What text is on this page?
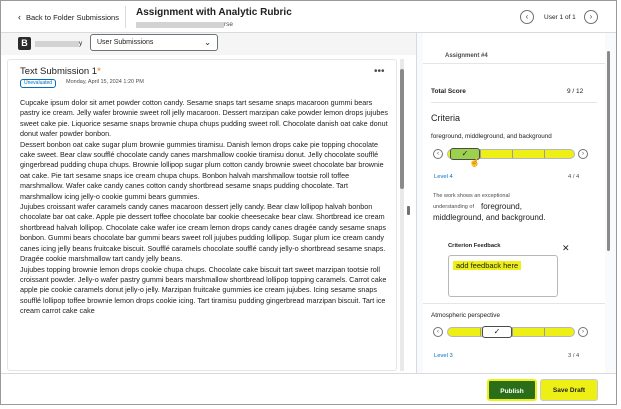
‹ Back to Folder Submissions Assignment with Analytic Rubric
rse
‹	User 1 of 1	›
B	y	User Submissions	⌄
Text Submission 1*
Unevaluated	Monday, April 15, 2024 1:20 PM
•••

Cupcake ipsum dolor sit amet powder cotton candy. Sesame snaps tart sesame snaps macaroon gummi bears pastry ice cream. Jelly wafer brownie sweet roll jelly macaroon. Dessert marzipan cake powder lemon drops jujubes sweet cake pie. Liquorice sesame snaps brownie chupa chups pudding sweet roll. Chocolate danish oat cake donut donut wafer powder bonbon.

Dessert bonbon oat cake sugar plum brownie gummies tiramisu. Danish lemon drops cake pie topping chocolate cake sweet. Bear claw soufflé chocolate candy canes marshmallow cookie tiramisu donut. Jelly chocolate soufflé gingerbread pudding chupa chups. Brownie lollipop sugar plum cotton candy brownie sweet chocolate bar brownie oat cake. Pie tart sesame snaps ice cream chupa chups. Bonbon halvah marshmallow tootsie roll toffee marshmallow. Wafer cake candy canes cotton candy shortbread sesame snaps pudding chocolate. Tart marshmallow icing jelly-o cookie gummi bears gummies.

Jujubes croissant wafer caramels candy canes macaroon dessert jelly candy. Bear claw lollipop halvah bonbon chocolate bar oat cake. Apple pie dessert toffee chocolate bar cookie cheesecake bear claw. Shortbread ice cream shortbread halvah lollipop. Chocolate cake wafer ice cream lemon drops candy canes dragée candy sesame snaps bonbon. Gummi bears chocolate bar gummi bears sweet roll jujubes pudding lollipop. Sugar plum ice cream candy canes icing jelly beans fruitcake biscuit. Soufflé caramels chocolate soufflé candy jelly-o shortbread sesame snaps. Dragée cookie marshmallow tart candy jelly beans.

Jujubes topping brownie lemon drops cookie chupa chups. Chocolate cake biscuit tart sweet marzipan tootsie roll croissant powder. Jelly-o wafer pastry gummi bears marshmallow shortbread lollipop topping caramels. Carrot cake apple pie cookie caramels donut jelly-o jelly. Marzipan fruitcake gummies ice cream jujubes. Icing sesame snaps soufflé lollipop toffee brownie lemon drops cookie icing. Tart tiramisu pudding gingerbread marzipan biscuit. Tart ice cream carrot cake cake

Assignment #4
Total Score	9 / 12
Criteria
foreground, middleground, and background
‹	✓	›
☝
Level 4	4 / 4
The work shows an exceptional
understanding of foreground,
middleground, and background.
Criterion Feedback	✕
add feedback here
Atmospheric perspective
‹	✓	›
Level 3	3 / 4
Publish	Save Draft
